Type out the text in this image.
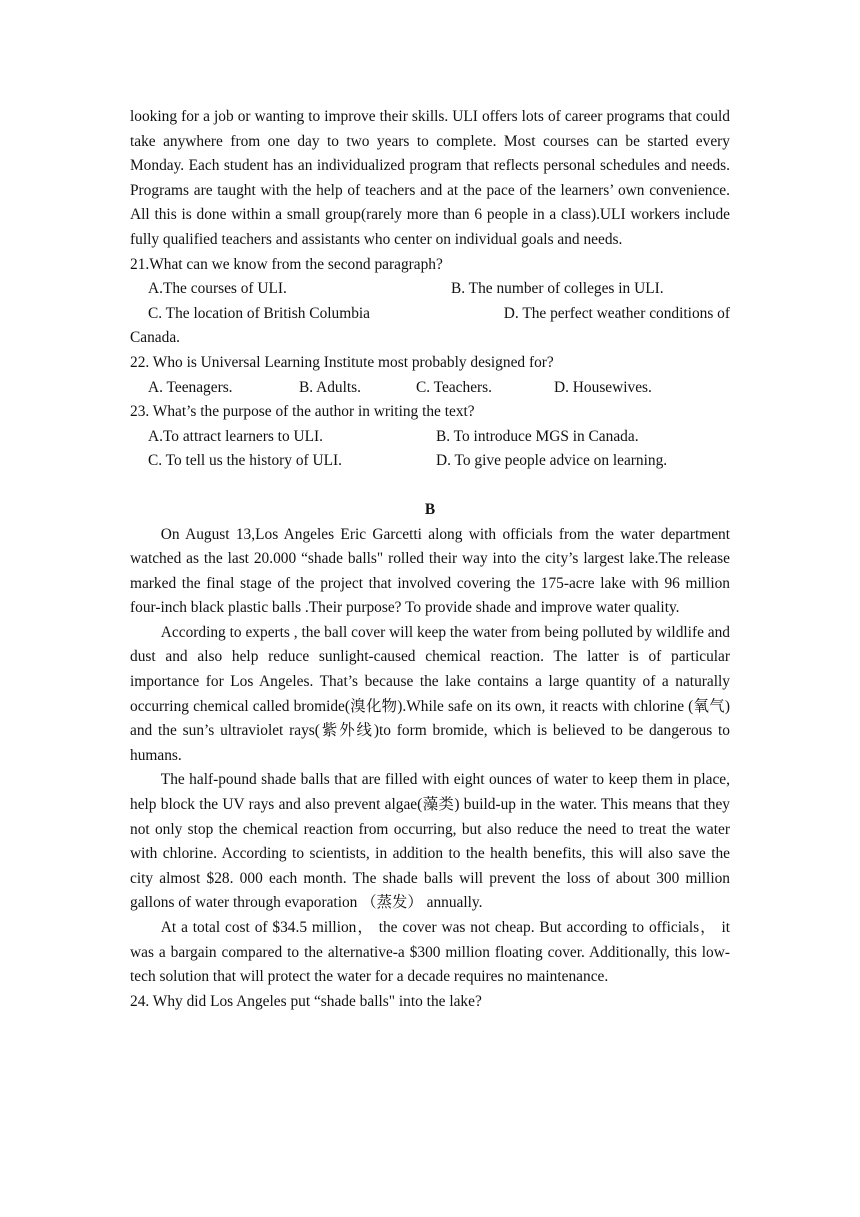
looking for a job or wanting to improve their skills. ULI offers lots of career programs that could take anywhere from one day to two years to complete. Most courses can be started every Monday. Each student has an individualized program that reflects personal schedules and needs. Programs are taught with the help of teachers and at the pace of the learners’ own convenience. All this is done within a small group(rarely more than 6 people in a class).ULI workers include fully qualified teachers and assistants who center on individual goals and needs.

21.What can we know from the second paragraph?

A.The courses of ULI.	B. The number of colleges in ULI.
C. The location of British Columbia	D. The perfect weather conditions of

Canada.

22. Who is Universal Learning Institute most probably designed for?

A. Teenagers.	B. Adults.	C. Teachers.	D. Housewives.

23. What’s the purpose of the author in writing the text?

A.To attract learners to ULI.	B. To introduce MGS in Canada.
C. To tell us the history of ULI.	D. To give people advice on learning.

B

On August 13,Los Angeles Eric Garcetti along with officials from the water department watched as the last 20.000 “shade balls" rolled their way into the city’s largest lake.The release marked the final stage of the project that involved covering the 175-acre lake with 96 million four-inch black plastic balls .Their purpose? To provide shade and improve water quality.

According to experts , the ball cover will keep the water from being polluted by wildlife and dust and also help reduce sunlight-caused chemical reaction. The latter is of particular importance for Los Angeles. That’s because the lake contains a large quantity of a naturally occurring chemical called bromide(溴化物).While safe on its own, it reacts with chlorine (氧气) and the sun’s ultraviolet rays(紫外线)to form bromide, which is believed to be dangerous to humans.

The half-pound shade balls that are filled with eight ounces of water to keep them in place, help block the UV rays and also prevent algae(藻类) build-up in the water. This means that they not only stop the chemical reaction from occurring, but also reduce the need to treat the water with chlorine. According to scientists, in addition to the health benefits, this will also save the city almost $28. 000 each month. The shade balls will prevent the loss of about 300 million gallons of water through evaporation （蒸发） annually.

At a total cost of $34.5 million， the cover was not cheap. But according to officials， it was a bargain compared to the alternative-a $300 million floating cover. Additionally, this low-tech solution that will protect the water for a decade requires no maintenance.

24. Why did Los Angeles put “shade balls" into the lake?
